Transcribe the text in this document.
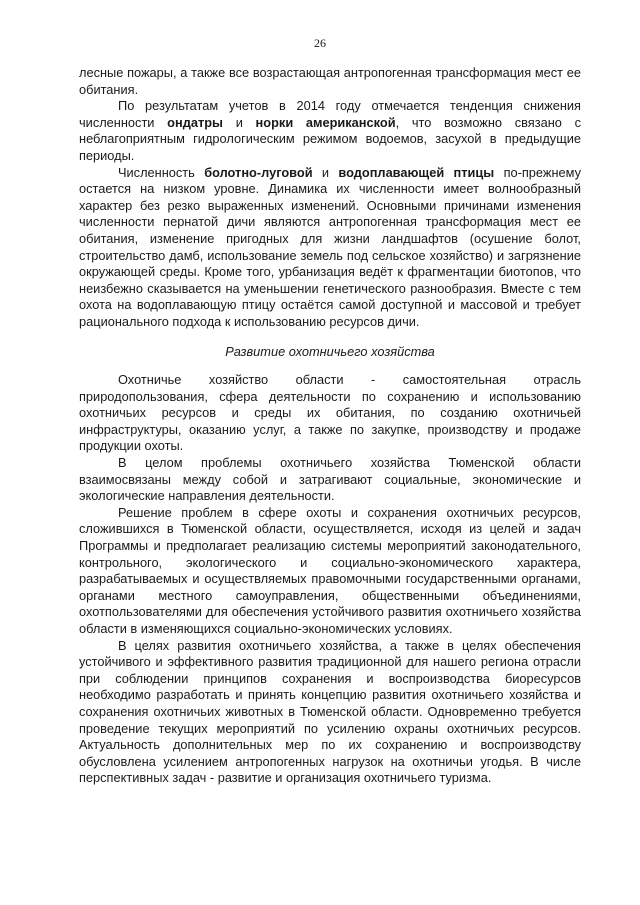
26

лесные пожары, а также все возрастающая антропогенная трансформация мест ее обитания.

По результатам учетов в 2014 году отмечается тенденция снижения численности ондатры и норки американской, что возможно связано с неблагоприятным гидрологическим режимом водоемов, засухой в предыдущие периоды.

Численность болотно-луговой и водоплавающей птицы по-прежнему остается на низком уровне. Динамика их численности имеет волнообразный характер без резко выраженных изменений. Основными причинами изменения численности пернатой дичи являются антропогенная трансформация мест ее обитания, изменение пригодных для жизни ландшафтов (осушение болот, строительство дамб, использование земель под сельское хозяйство) и загрязнение окружающей среды. Кроме того, урбанизация ведёт к фрагментации биотопов, что неизбежно сказывается на уменьшении генетического разнообразия. Вместе с тем охота на водоплавающую птицу остаётся самой доступной и массовой и требует рационального подхода к использованию ресурсов дичи.

Развитие охотничьего хозяйства

Охотничье хозяйство области - самостоятельная отрасль природопользования, сфера деятельности по сохранению и использованию охотничьих ресурсов и среды их обитания, по созданию охотничьей инфраструктуры, оказанию услуг, а также по закупке, производству и продаже продукции охоты.

В целом проблемы охотничьего хозяйства Тюменской области взаимосвязаны между собой и затрагивают социальные, экономические и экологические направления деятельности.

Решение проблем в сфере охоты и сохранения охотничьих ресурсов, сложившихся в Тюменской области, осуществляется, исходя из целей и задач Программы и предполагает реализацию системы мероприятий законодательного, контрольного, экологического и социально-экономического характера, разрабатываемых и осуществляемых правомочными государственными органами, органами местного самоуправления, общественными объединениями, охотпользователями для обеспечения устойчивого развития охотничьего хозяйства области в изменяющихся социально-экономических условиях.

В целях развития охотничьего хозяйства, а также в целях обеспечения устойчивого и эффективного развития традиционной для нашего региона отрасли при соблюдении принципов сохранения и воспроизводства биоресурсов необходимо разработать и принять концепцию развития охотничьего хозяйства и сохранения охотничьих животных в Тюменской области. Одновременно требуется проведение текущих мероприятий по усилению охраны охотничьих ресурсов. Актуальность дополнительных мер по их сохранению и воспроизводству обусловлена усилением антропогенных нагрузок на охотничьи угодья. В числе перспективных задач - развитие и организация охотничьего туризма.
